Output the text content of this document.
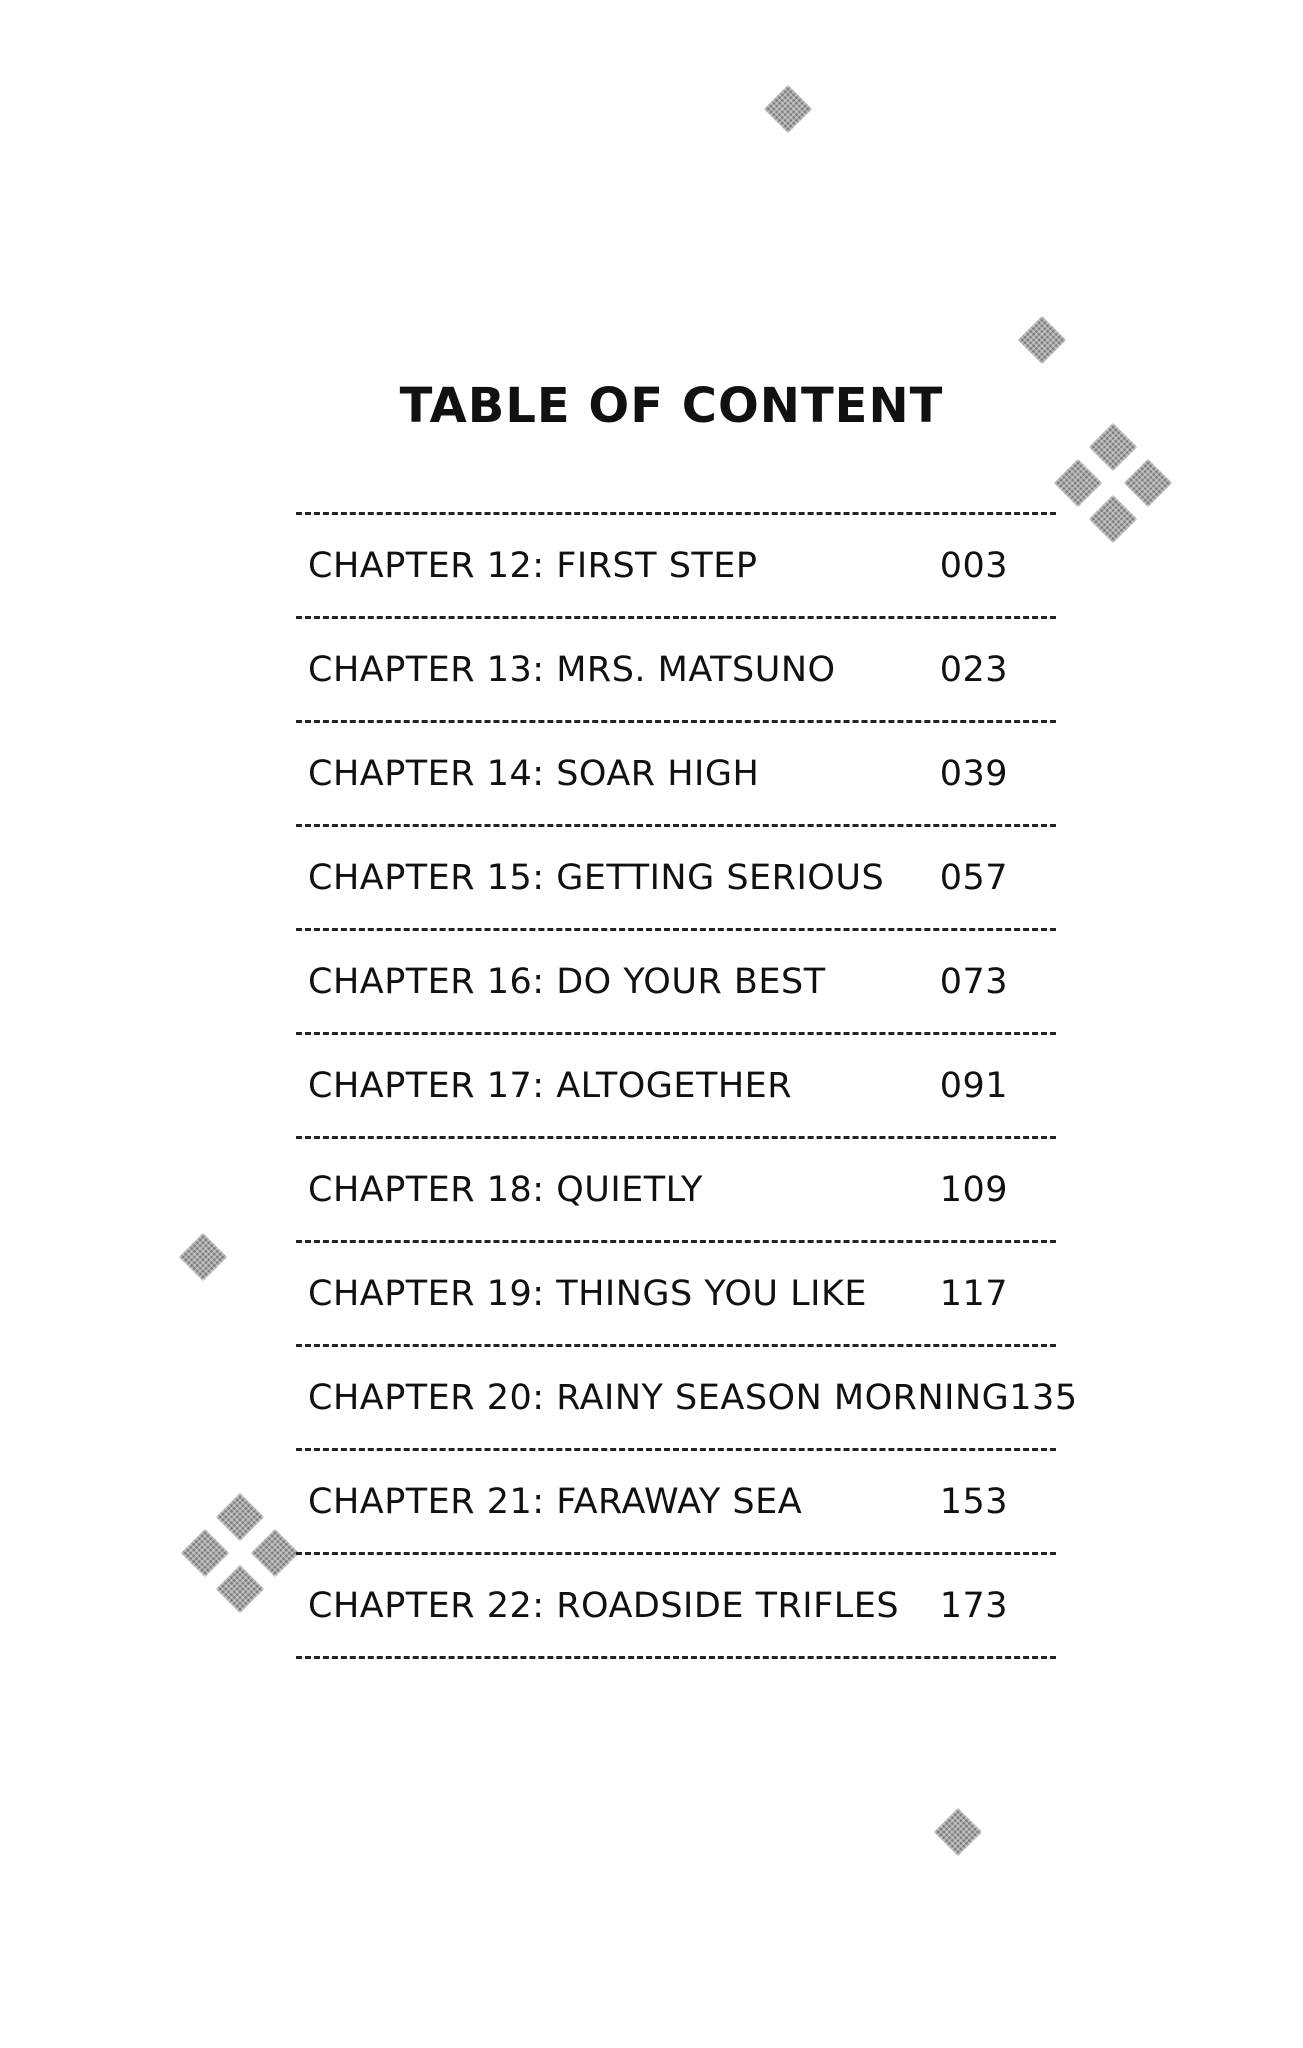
TABLE OF CONTENT
CHAPTER 12: FIRST STEP	003
CHAPTER 13: MRS. MATSUNO	023
CHAPTER 14: SOAR HIGH	039
CHAPTER 15: GETTING SERIOUS 057
CHAPTER 16: DO YOUR BEST	073
CHAPTER 17: ALTOGETHER	091
CHAPTER 18: QUIETLY	109
CHAPTER 19: THINGS YOU LIKE 117
CHAPTER 20: RAINY SEASON MORNING 135
CHAPTER 21: FARAWAY SEA	153
CHAPTER 22: ROADSIDE TRIFLES 173
